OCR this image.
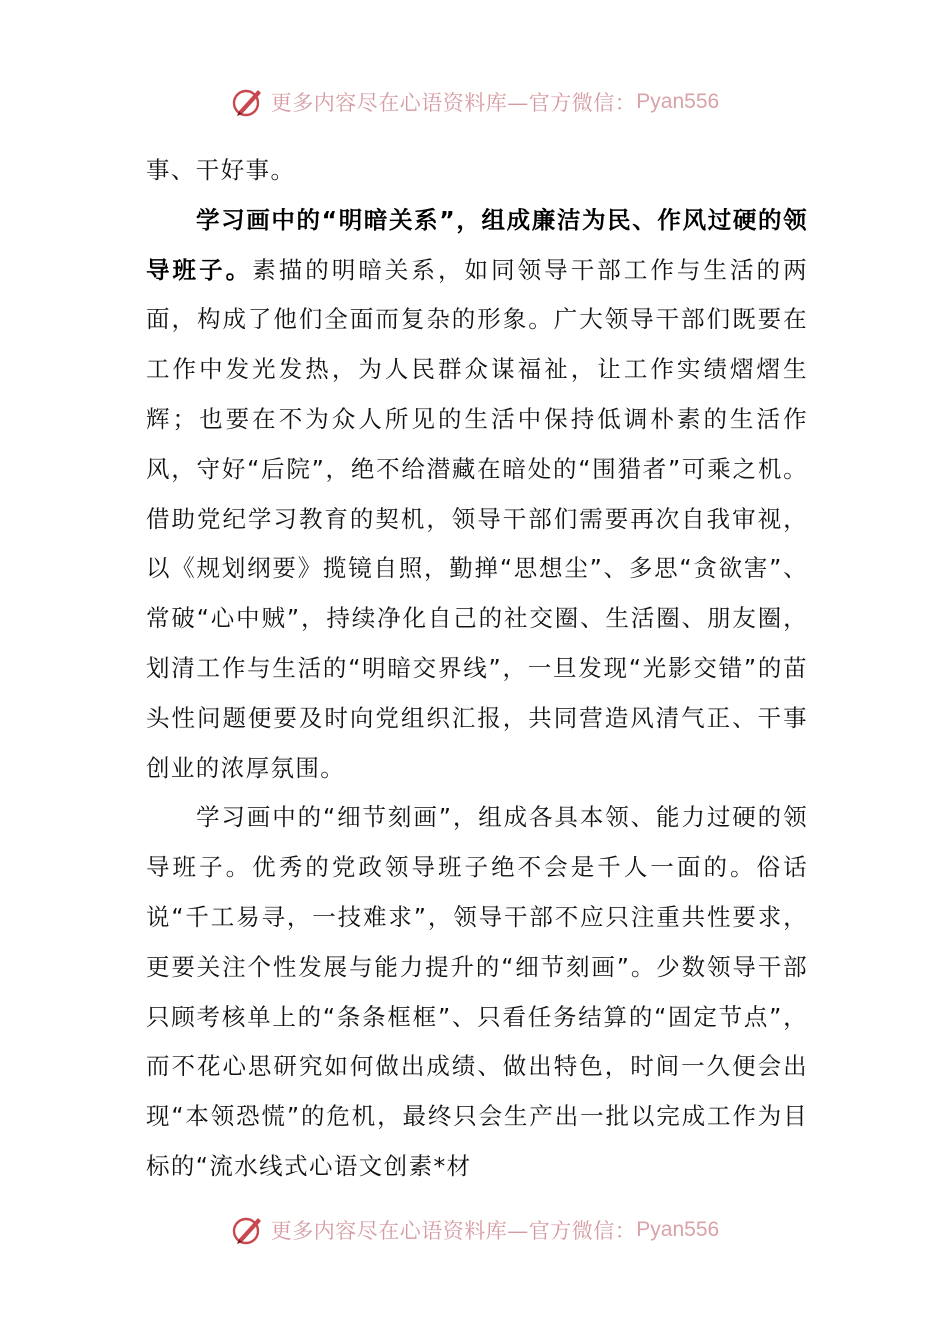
更多内容尽在心语资料库—官方微信： Pyan556

事、干好事。

学习画中的“明暗关系”，组成廉洁为民、作风过硬的领导班子。素描的明暗关系，如同领导干部工作与生活的两面，构成了他们全面而复杂的形象。广大领导干部们既要在工作中发光发热，为人民群众谋福祉，让工作实绩熠熠生辉；也要在不为众人所见的生活中保持低调朴素的生活作风，守好“后院”，绝不给潜藏在暗处的“围猎者”可乘之机。借助党纪学习教育的契机，领导干部们需要再次自我审视，以《规划纲要》揽镜自照，勤掸“思想尘”、多思“贪欲害”、常破“心中贼”，持续净化自己的社交圈、生活圈、朋友圈，划清工作与生活的“明暗交界线”，一旦发现“光影交错”的苗头性问题便要及时向党组织汇报，共同营造风清气正、干事创业的浓厚氛围。

学习画中的“细节刻画”，组成各具本领、能力过硬的领导班子。优秀的党政领导班子绝不会是千人一面的。俗话说“千工易寻，一技难求”，领导干部不应只注重共性要求，更要关注个性发展与能力提升的“细节刻画”。少数领导干部只顾考核单上的“条条框框”、只看任务结算的“固定节点”，而不花心思研究如何做出成绩、做出特色，时间一久便会出现“本领恐慌”的危机，最终只会生产出一批以完成工作为目标的“流水线式心语文创素*材

更多内容尽在心语资料库—官方微信： Pyan556
